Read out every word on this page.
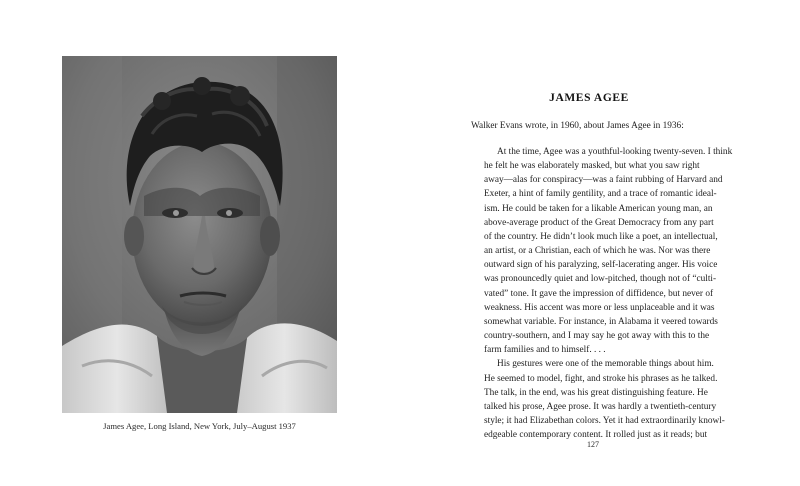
James Agee, Long Island, New York, July–August 1937
JAMES AGEE
Walker Evans wrote, in 1960, about James Agee in 1936:
At the time, Agee was a youthful-looking twenty-seven. I think
he felt he was elaborately masked, but what you saw right
away—alas for conspiracy—was a faint rubbing of Harvard and
Exeter, a hint of family gentility, and a trace of romantic ideal-
ism. He could be taken for a likable American young man, an
above-average product of the Great Democracy from any part
of the country. He didn’t look much like a poet, an intellectual,
an artist, or a Christian, each of which he was. Nor was there
outward sign of his paralyzing, self-lacerating anger. His voice
was pronouncedly quiet and low-pitched, though not of “culti-
vated” tone. It gave the impression of diffidence, but never of
weakness. His accent was more or less unplaceable and it was
somewhat variable. For instance, in Alabama it veered towards
country-southern, and I may say he got away with this to the
farm families and to himself. . . .
His gestures were one of the memorable things about him.
He seemed to model, fight, and stroke his phrases as he talked.
The talk, in the end, was his great distinguishing feature. He
talked his prose, Agee prose. It was hardly a twentieth-century
style; it had Elizabethan colors. Yet it had extraordinarily knowl-
edgeable contemporary content. It rolled just as it reads; but
127
